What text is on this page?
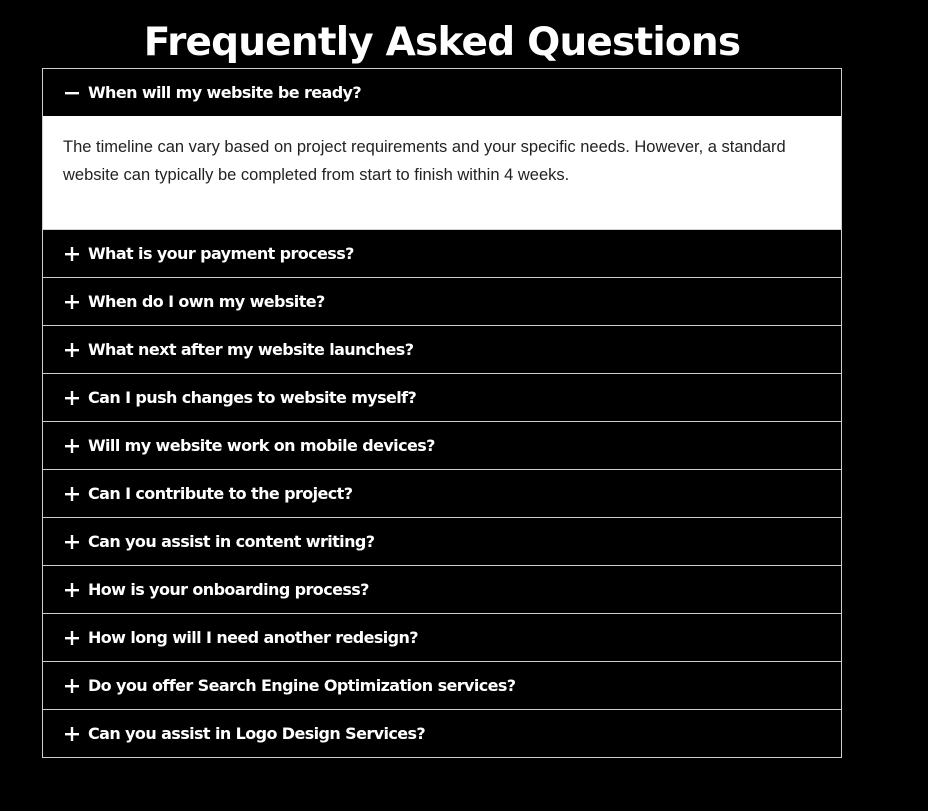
Frequently Asked Questions
When will my website be ready?

The timeline can vary based on project requirements and your specific needs. However, a standard website can typically be completed from start to finish within 4 weeks.

What is your payment process?
When do I own my website?
What next after my website launches?
Can I push changes to website myself?
Will my website work on mobile devices?
Can I contribute to the project?
Can you assist in content writing?
How is your onboarding process?
How long will I need another redesign?
Do you offer Search Engine Optimization services?
Can you assist in Logo Design Services?
